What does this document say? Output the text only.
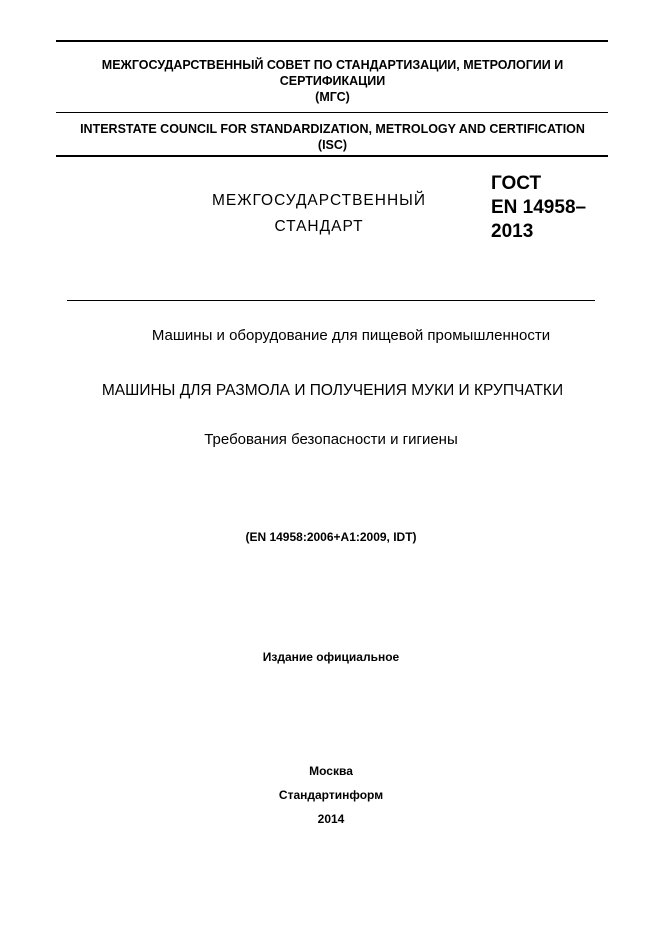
МЕЖГОСУДАРСТВЕННЫЙ СОВЕТ ПО СТАНДАРТИЗАЦИИ, МЕТРОЛОГИИ И
СЕРТИФИКАЦИИ
(МГС)
INTERSTATE COUNCIL FOR STANDARDIZATION, METROLOGY AND CERTIFICATION
(ISC)
МЕЖГОСУДАРСТВЕННЫЙ
СТАНДАРТ
ГОСТ
EN 14958–
2013
Машины и оборудование для пищевой промышленности
МАШИНЫ ДЛЯ РАЗМОЛА И ПОЛУЧЕНИЯ МУКИ И КРУПЧАТКИ
Требования безопасности и гигиены
(EN 14958:2006+A1:2009, IDT)
Издание официальное
Москва
Стандартинформ
2014
